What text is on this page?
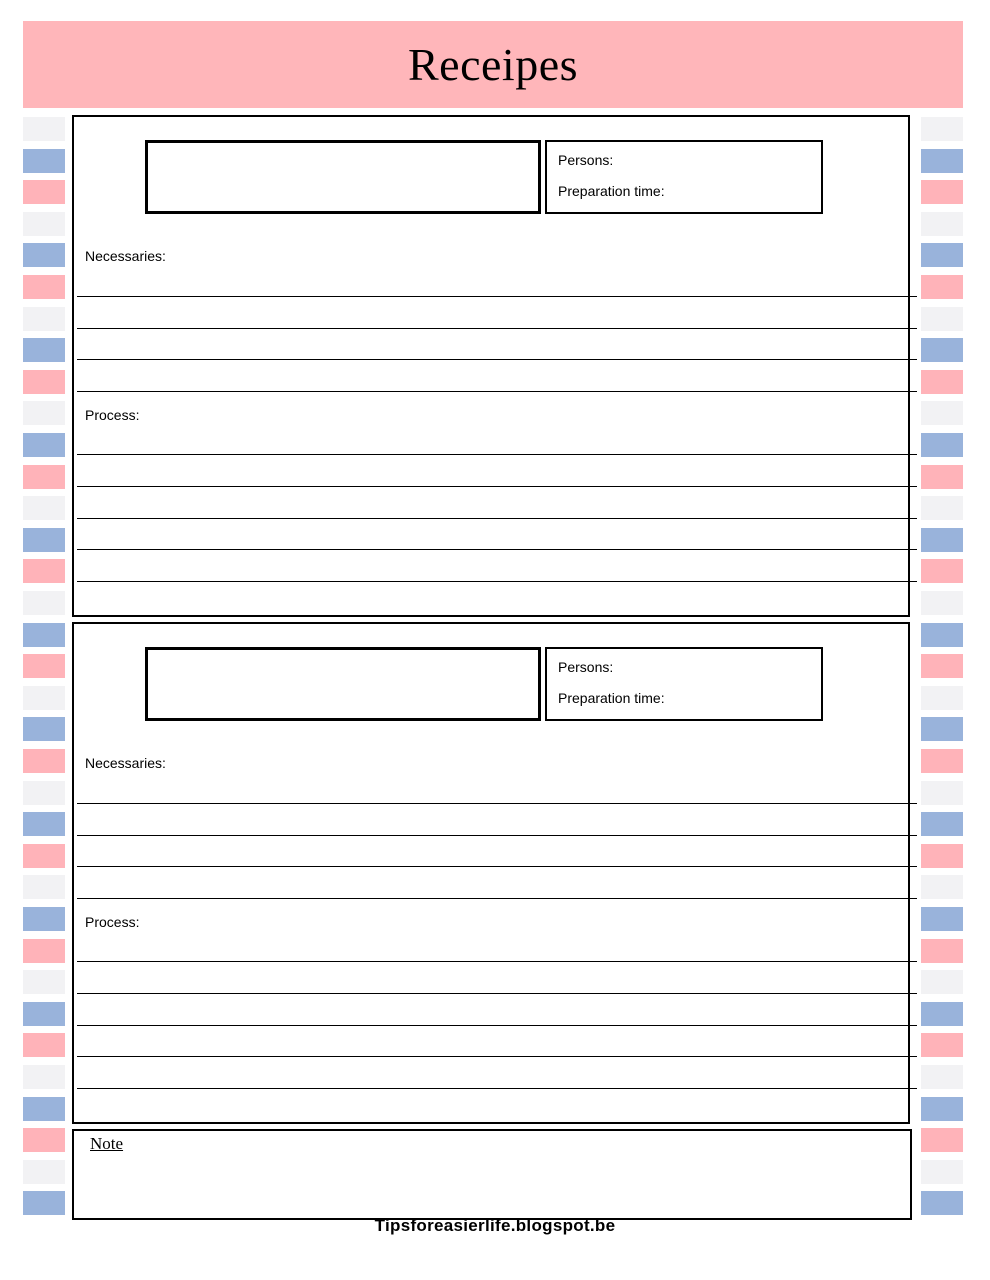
Receipes
Persons:
Preparation time:
Necessaries:
Process:
Persons:
Preparation time:
Necessaries:
Process:
Note
Tipsforeasierlife.blogspot.be
